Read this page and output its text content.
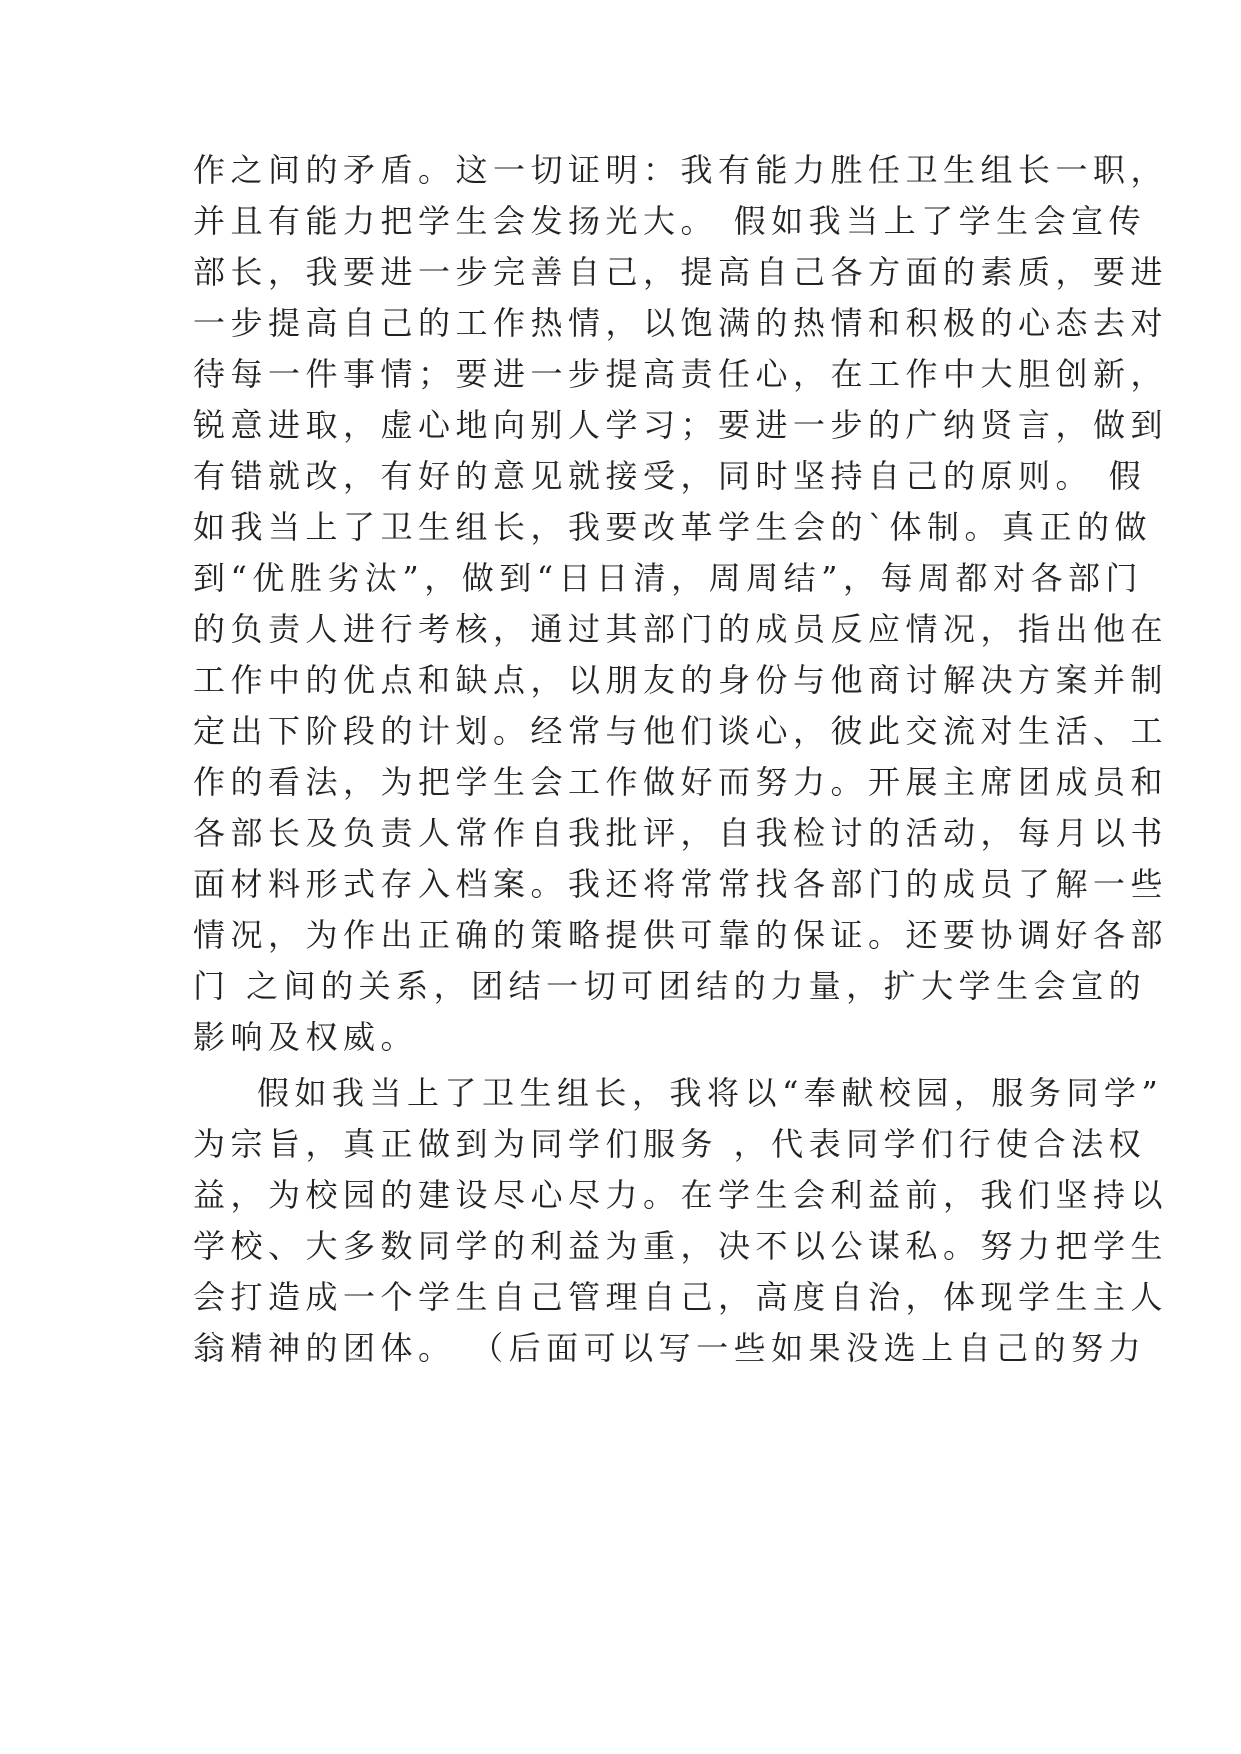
作之间的矛盾。这一切证明：我有能力胜任卫生组长一职，
并且有能力把学生会发扬光大。 假如我当上了学生会宣传
部长，我要进一步完善自己，提高自己各方面的素质，要进
一步提高自己的工作热情，以饱满的热情和积极的心态去对
待每一件事情；要进一步提高责任心，在工作中大胆创新，
锐意进取，虚心地向别人学习；要进一步的广纳贤言，做到
有错就改，有好的意见就接受，同时坚持自己的原则。 假
如我当上了卫生组长，我要改革学生会的`体制。真正的做
到“优胜劣汰”，做到“日日清，周周结”，每周都对各部门
的负责人进行考核，通过其部门的成员反应情况，指出他在
工作中的优点和缺点，以朋友的身份与他商讨解决方案并制
定出下阶段的计划。经常与他们谈心，彼此交流对生活、工
作的看法，为把学生会工作做好而努力。开展主席团成员和
各部长及负责人常作自我批评，自我检讨的活动，每月以书
面材料形式存入档案。我还将常常找各部门的成员了解一些
情况，为作出正确的策略提供可靠的保证。还要协调好各部
门 之间的关系，团结一切可团结的力量，扩大学生会宣的
影响及权威。
假如我当上了卫生组长，我将以“奉献校园，服务同学”
为宗旨，真正做到为同学们服务 ，代表同学们行使合法权
益，为校园的建设尽心尽力。在学生会利益前，我们坚持以
学校、大多数同学的利益为重，决不以公谋私。努力把学生
会打造成一个学生自己管理自己，高度自治，体现学生主人
翁精神的团体。 （后面可以写一些如果没选上自己的努力
